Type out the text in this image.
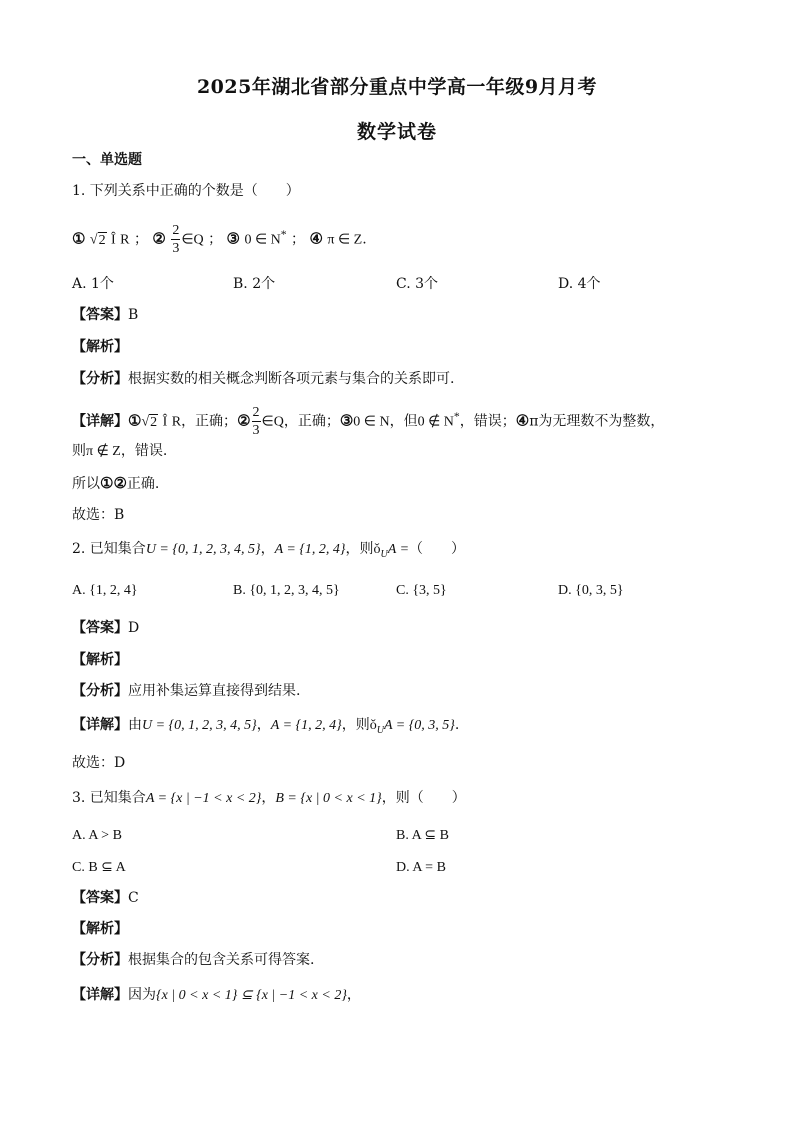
2025年湖北省部分重点中学高一年级9月月考
数学试卷
一、单选题
1. 下列关系中正确的个数是（　　）
① √2 Î R ； ② $\frac{2}{3}$ ∈Q ； ③ 0 ∈ N* ； ④ π ∈ Z.
A. 1个	B. 2个	C. 3个	D. 4个
【答案】B
【解析】
【分析】根据实数的相关概念判断各项元素与集合的关系即可.
【详解】①√2 Î R，正确；② $\frac{2}{3}$ ∈Q，正确；③0 ∈ N，但0 ∉ N*，错误；④π为无理数不为整数，
则π ∉ Z，错误.
所以①②正确.
故选：B
2. 已知集合U = {0, 1, 2, 3, 4, 5}，A = {1, 2, 4}，则$ǒ_UA$ =（　　）
A. {1, 2, 4}	B. {0, 1, 2, 3, 4, 5}	C. {3, 5}	D. {0, 3, 5}
【答案】D
【解析】
【分析】应用补集运算直接得到结果.
【详解】由U = {0, 1, 2, 3, 4, 5}，A = {1, 2, 4}，则$ǒ_UA = \{0$, 3, 5}.
故选：D
3. 已知集合A = {x | −1 < x < 2}，B = {x | 0 < x < 1}，则（　　）
A. A > B	B. A ⊆ B
C. B ⊆ A	D. A = B
【答案】C
【解析】
【分析】根据集合的包含关系可得答案.
【详解】因为{x | 0 < x < 1} ⊆ {x | −1 < x < 2}，
